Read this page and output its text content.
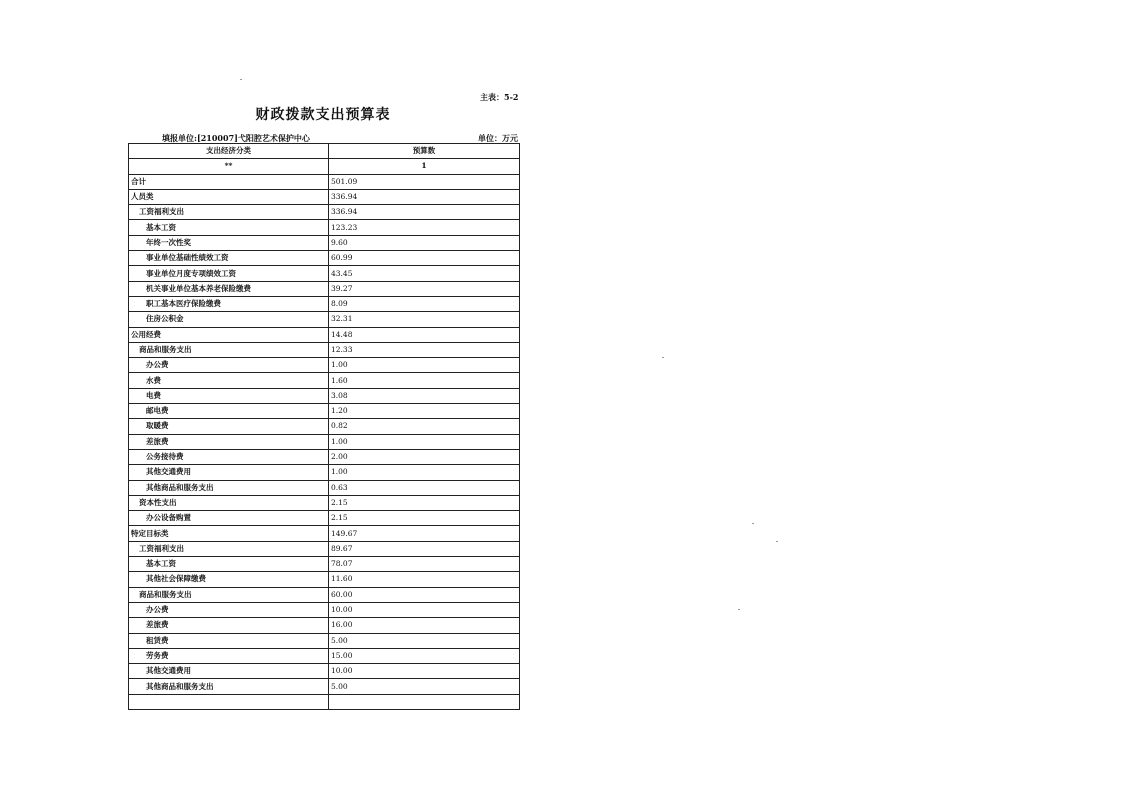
主表：5-2
财政拨款支出预算表
填报单位:[210007]弋阳腔艺术保护中心	单位：万元
支出经济分类	预算数
**	1
合计	501.09
人员类	336.94
工资福利支出	336.94
基本工资	123.23
年终一次性奖	9.60
事业单位基础性绩效工资	60.99
事业单位月度专项绩效工资	43.45
机关事业单位基本养老保险缴费	39.27
职工基本医疗保险缴费	8.09
住房公积金	32.31
公用经费	14.48
商品和服务支出	12.33
办公费	1.00
水费	1.60
电费	3.08
邮电费	1.20
取暖费	0.82
差旅费	1.00
公务接待费	2.00
其他交通费用	1.00
其他商品和服务支出	0.63
资本性支出	2.15
办公设备购置	2.15
特定目标类	149.67
工资福利支出	89.67
基本工资	78.07
其他社会保障缴费	11.60
商品和服务支出	60.00
办公费	10.00
差旅费	16.00
租赁费	5.00
劳务费	15.00
其他交通费用	10.00
其他商品和服务支出	5.00
